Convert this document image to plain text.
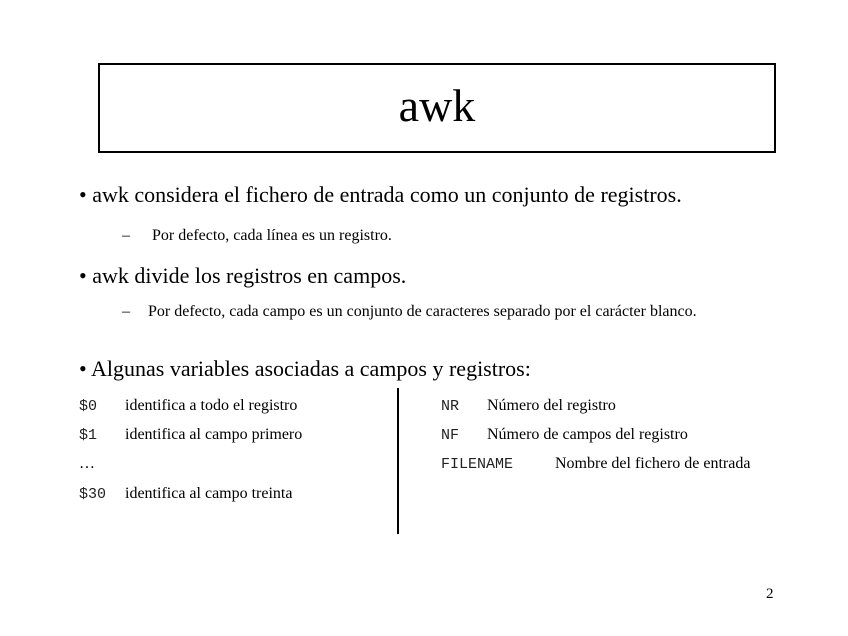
awk
• awk considera el fichero de entrada como un conjunto de registros.
– Por defecto, cada línea es un registro.
• awk divide los registros en campos.
– Por defecto, cada campo es un conjunto de caracteres separado por el carácter blanco.
• Algunas variables asociadas a campos y registros:
$0 identifica a todo el registro
$1 identifica al campo primero
…
$30 identifica al campo treinta
NR Número del registro
NF Número de campos del registro
FILENAME	Nombre del fichero de entrada
2
